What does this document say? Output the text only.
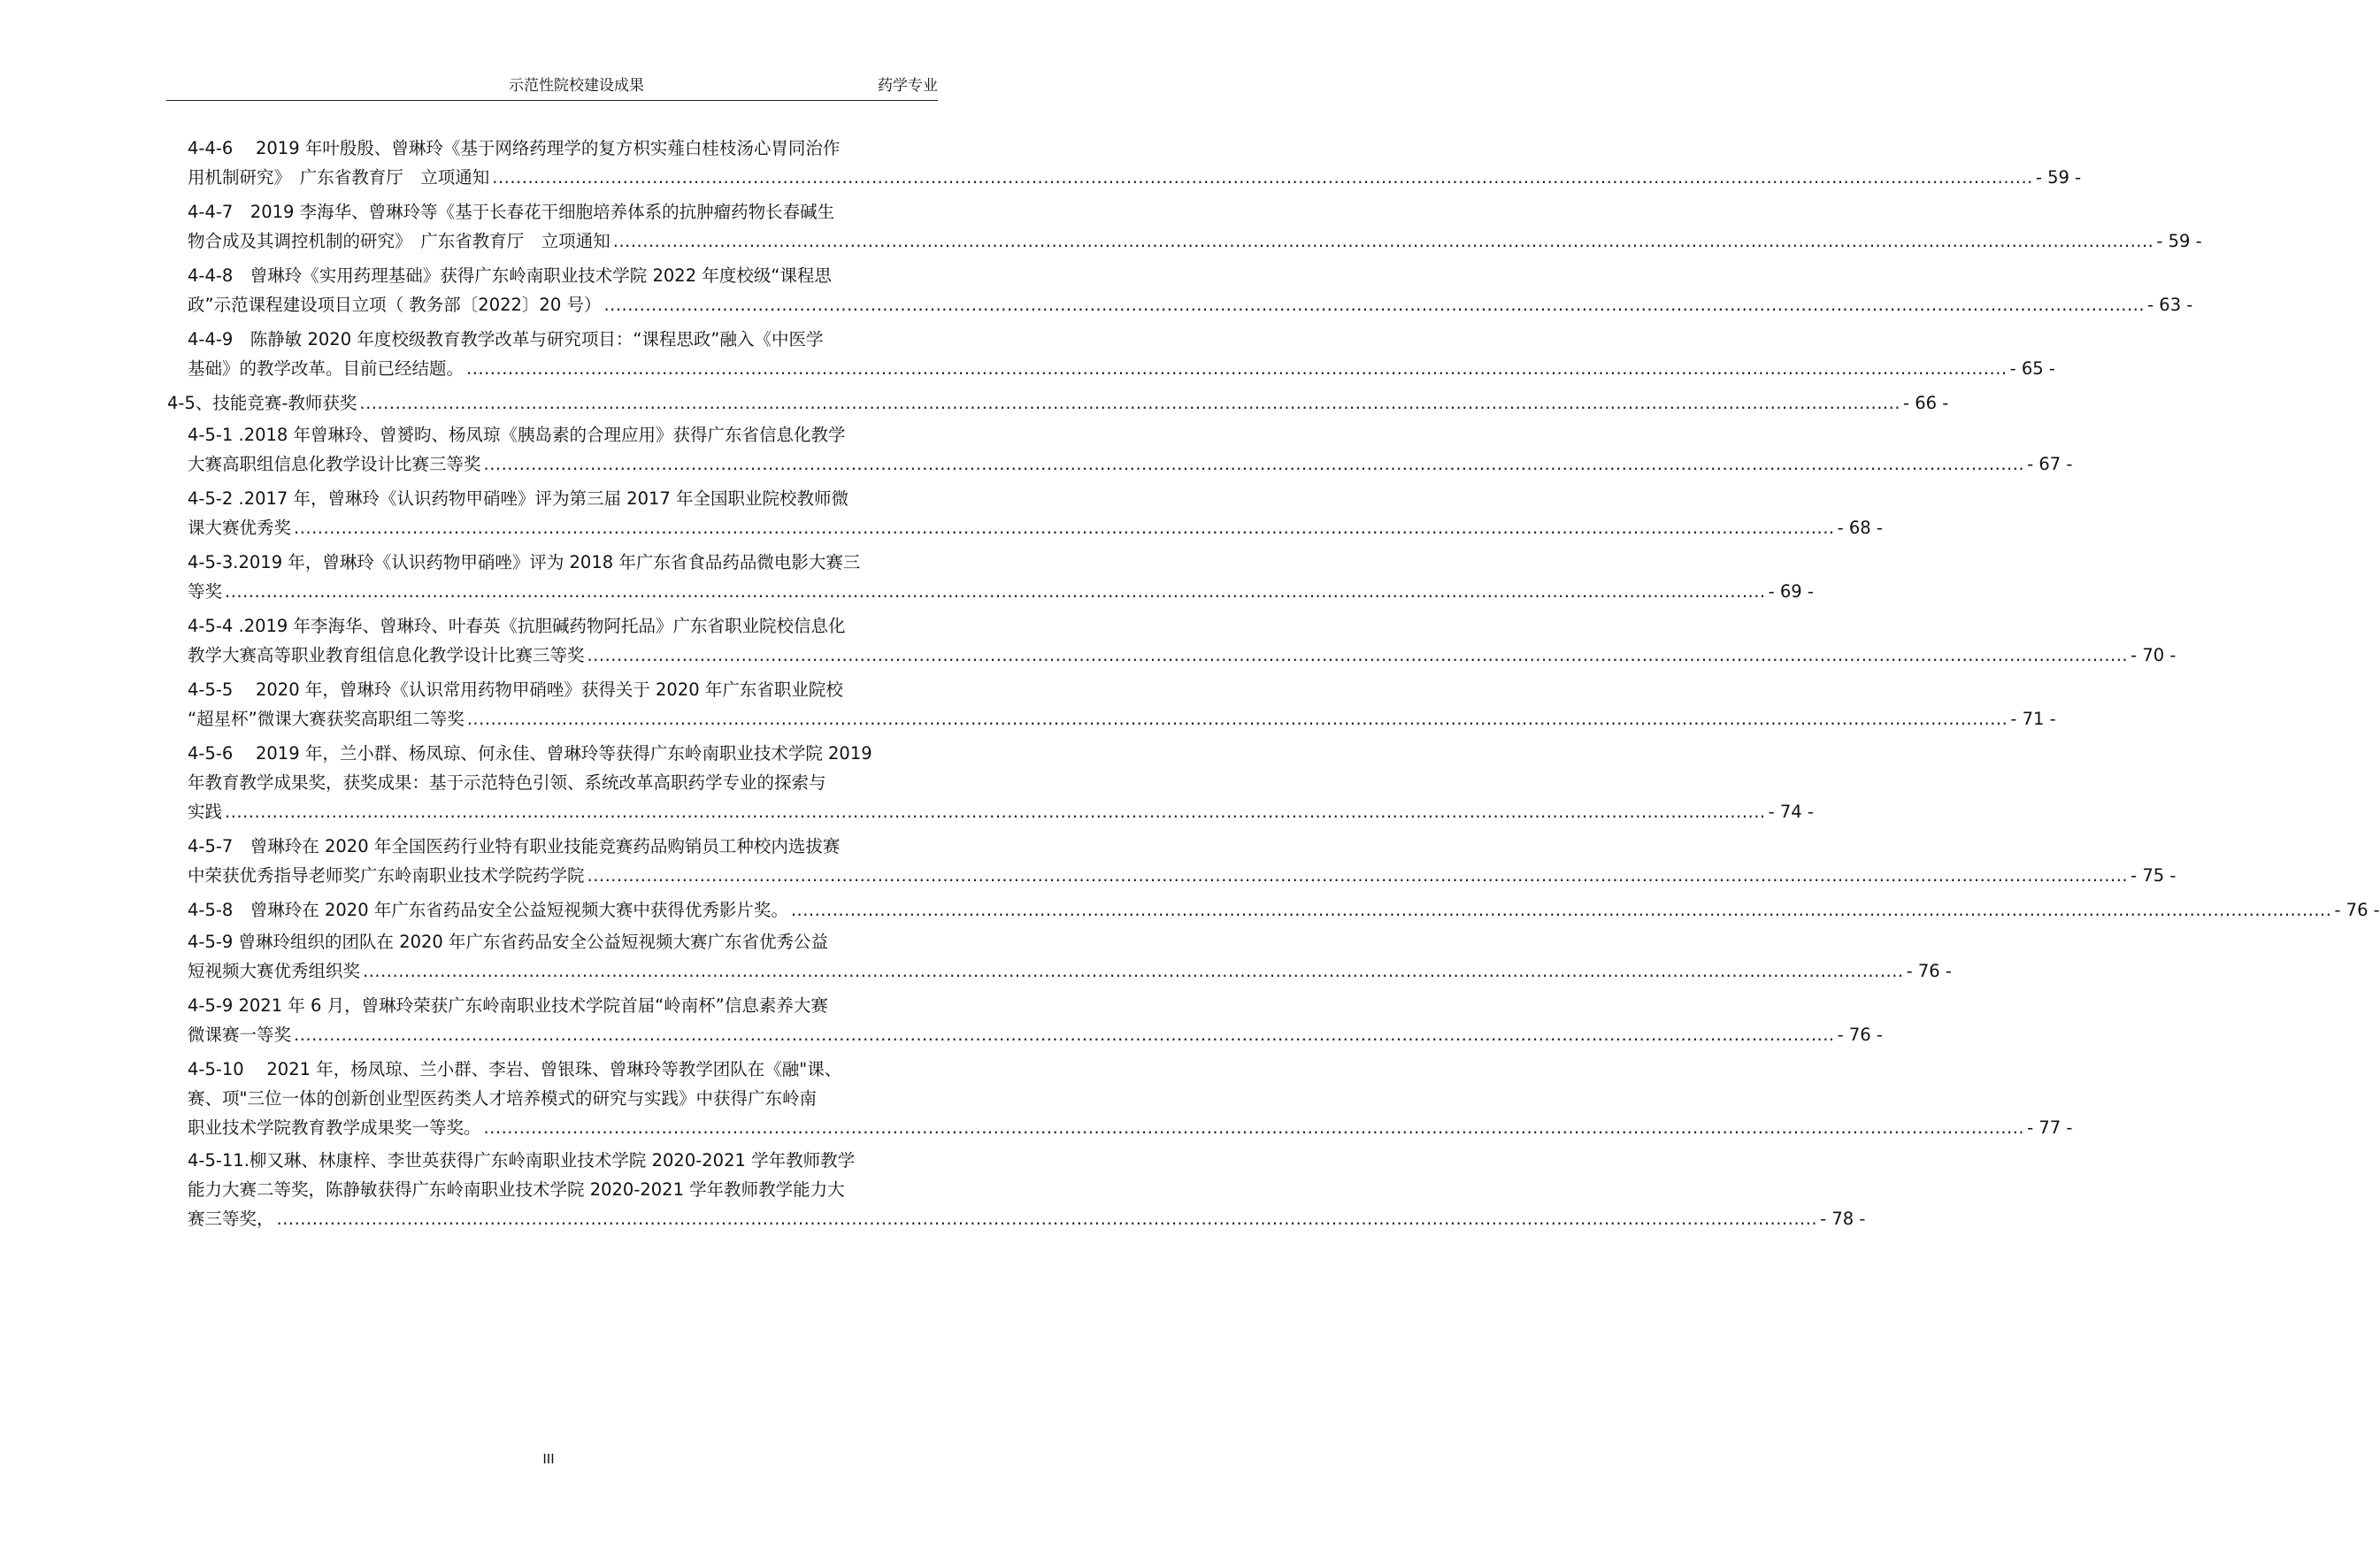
示范性院校建设成果	药学专业
4-4-6　 2019 年叶殷殷、曾琳玲《基于网络药理学的复方枳实薤白桂枝汤心胃同治作
用机制研究》　广东省教育厅　立项通知 .................................................................................................................................................................................................................................................................... - 59 -
4-4-7　2019 李海华、曾琳玲等《基于长春花干细胞培养体系的抗肿瘤药物长春碱生
物合成及其调控机制的研究》　广东省教育厅　立项通知 .................................................................................................................................................................................................................................................................... - 59 -
4-4-8　曾琳玲《实用药理基础》获得广东岭南职业技术学院 2022 年度校级“课程思
政”示范课程建设项目立项（ 教务部〔2022〕20 号） .................................................................................................................................................................................................................................................................... - 63 -
4-4-9　陈静敏 2020 年度校级教育教学改革与研究项目：“课程思政”融入《中医学
基础》的教学改革。目前已经结题。 .................................................................................................................................................................................................................................................................... - 65 -
4-5、技能竞赛-教师获奖 .................................................................................................................................................................................................................................................................... - 66 -
4-5-1 .2018 年曾琳玲、曾赟昀、杨凤琼《胰岛素的合理应用》获得广东省信息化教学
大赛高职组信息化教学设计比赛三等奖 .................................................................................................................................................................................................................................................................... - 67 -
4-5-2 .2017 年，曾琳玲《认识药物甲硝唑》评为第三届 2017 年全国职业院校教师微
课大赛优秀奖 .................................................................................................................................................................................................................................................................... - 68 -
4-5-3.2019 年，曾琳玲《认识药物甲硝唑》评为 2018 年广东省食品药品微电影大赛三
等奖 .................................................................................................................................................................................................................................................................... - 69 -
4-5-4 .2019 年李海华、曾琳玲、叶春英《抗胆碱药物阿托品》广东省职业院校信息化
教学大赛高等职业教育组信息化教学设计比赛三等奖 .................................................................................................................................................................................................................................................................... - 70 -
4-5-5　 2020 年，曾琳玲《认识常用药物甲硝唑》获得关于 2020 年广东省职业院校
“超星杯”微课大赛获奖高职组二等奖 .................................................................................................................................................................................................................................................................... - 71 -
4-5-6　 2019 年，兰小群、杨凤琼、何永佳、曾琳玲等获得广东岭南职业技术学院 2019
年教育教学成果奖，获奖成果：基于示范特色引领、系统改革高职药学专业的探索与
实践 .................................................................................................................................................................................................................................................................... - 74 -
4-5-7　曾琳玲在 2020 年全国医药行业特有职业技能竞赛药品购销员工种校内选拔赛
中荣获优秀指导老师奖广东岭南职业技术学院药学院 .................................................................................................................................................................................................................................................................... - 75 -
4-5-8　曾琳玲在 2020 年广东省药品安全公益短视频大赛中获得优秀影片奖。 .................................................................................................................................................................................................................................................................... - 76 -
4-5-9 曾琳玲组织的团队在 2020 年广东省药品安全公益短视频大赛广东省优秀公益
短视频大赛优秀组织奖 .................................................................................................................................................................................................................................................................... - 76 -
4-5-9 2021 年 6 月，曾琳玲荣获广东岭南职业技术学院首届“岭南杯”信息素养大赛
微课赛一等奖 .................................................................................................................................................................................................................................................................... - 76 -
4-5-10　 2021 年，杨凤琼、兰小群、李岩、曾银珠、曾琳玲等教学团队在《融"课、
赛、项"三位一体的创新创业型医药类人才培养模式的研究与实践》中获得广东岭南
职业技术学院教育教学成果奖一等奖。 .................................................................................................................................................................................................................................................................... - 77 -
4-5-11.柳又琳、林康梓、李世英获得广东岭南职业技术学院 2020-2021 学年教师教学
能力大赛二等奖，陈静敏获得广东岭南职业技术学院 2020-2021 学年教师教学能力大
赛三等奖， .................................................................................................................................................................................................................................................................... - 78 -
III
